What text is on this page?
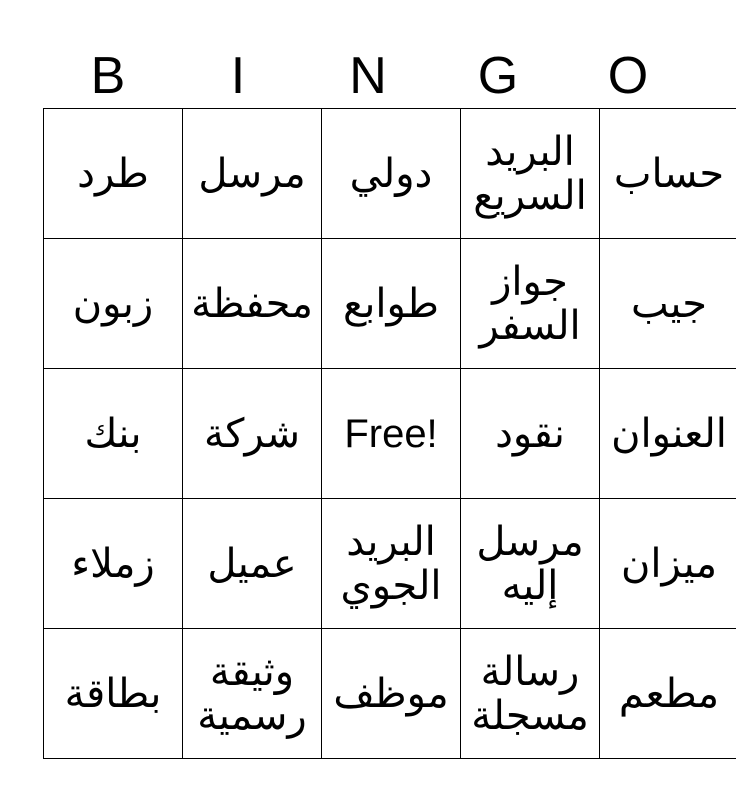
B	I	N	G	O
طرد	مرسل	دولي	البريد السريع	حساب
زبون	محفظة	طوابع	جواز السفر	جيب
بنك	شركة	Free!	نقود	العنوان
زملاء	عميل	البريد الجوي	مرسل إليه	ميزان
بطاقة	وثيقة رسمية	موظف	رسالة مسجلة	مطعم
